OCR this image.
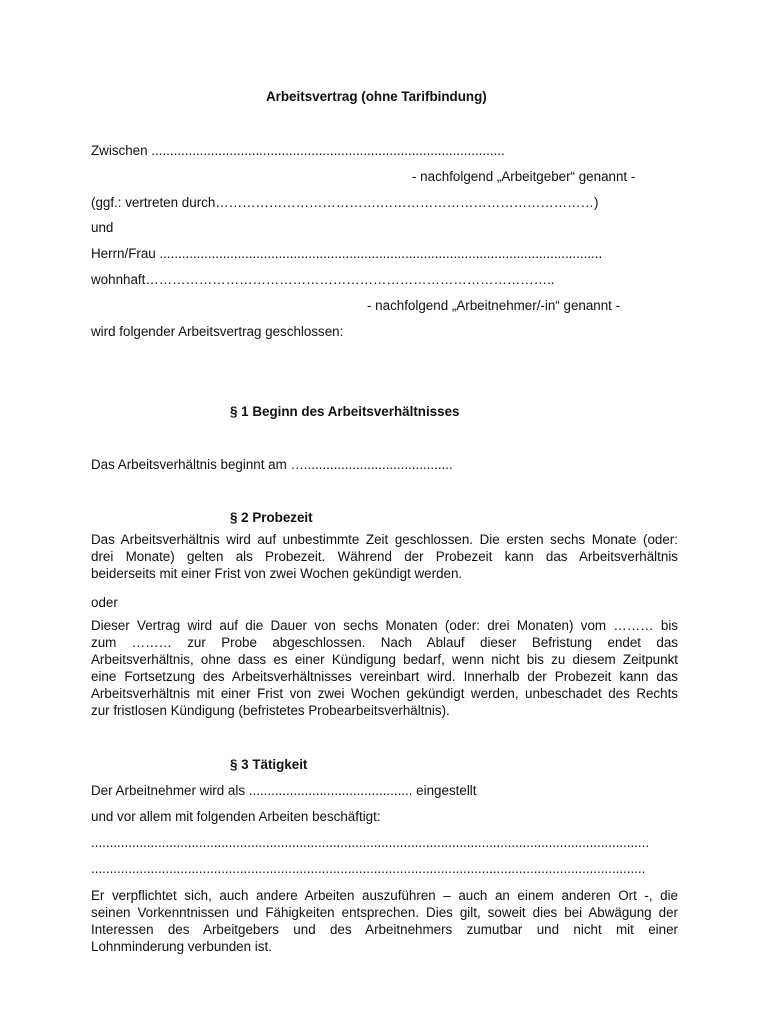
Arbeitsvertrag (ohne Tarifbindung)
Zwischen ...............................................................................................
- nachfolgend „Arbeitgeber“ genannt -
(ggf.: vertreten durch……………………………….…………………………………………)
und
Herrn/Frau .......................................................................................................................
wohnhaft………………………………………………………………………………..
- nachfolgend „Arbeitnehmer/-in“ genannt -
wird folgender Arbeitsvertrag geschlossen:
§ 1 Beginn des Arbeitsverhältnisses
Das Arbeitsverhältnis beginnt am …........................................
§ 2 Probezeit
Das Arbeitsverhältnis wird auf unbestimmte Zeit geschlossen. Die ersten sechs Monate (oder:
drei Monate) gelten als Probezeit. Während der Probezeit kann das Arbeitsverhältnis
beiderseits mit einer Frist von zwei Wochen gekündigt werden.
oder
Dieser Vertrag wird auf die Dauer von sechs Monaten (oder: drei Monaten) vom ……… bis
zum ……… zur Probe abgeschlossen. Nach Ablauf dieser Befristung endet das
Arbeitsverhältnis, ohne dass es einer Kündigung bedarf, wenn nicht bis zu diesem Zeitpunkt
eine Fortsetzung des Arbeitsverhältnisses vereinbart wird. Innerhalb der Probezeit kann das
Arbeitsverhältnis mit einer Frist von zwei Wochen gekündigt werden, unbeschadet des Rechts
zur fristlosen Kündigung (befristetes Probearbeitsverhältnis).
§ 3 Tätigkeit
Der Arbeitnehmer wird als ............................................ eingestellt
und vor allem mit folgenden Arbeiten beschäftigt:
......................................................................................................................................................
.....................................................................................................................................................
Er verpflichtet sich, auch andere Arbeiten auszuführen – auch an einem anderen Ort -, die
seinen Vorkenntnissen und Fähigkeiten entsprechen. Dies gilt, soweit dies bei Abwägung der
Interessen des Arbeitgebers und des Arbeitnehmers zumutbar und nicht mit einer
Lohnminderung verbunden ist.
